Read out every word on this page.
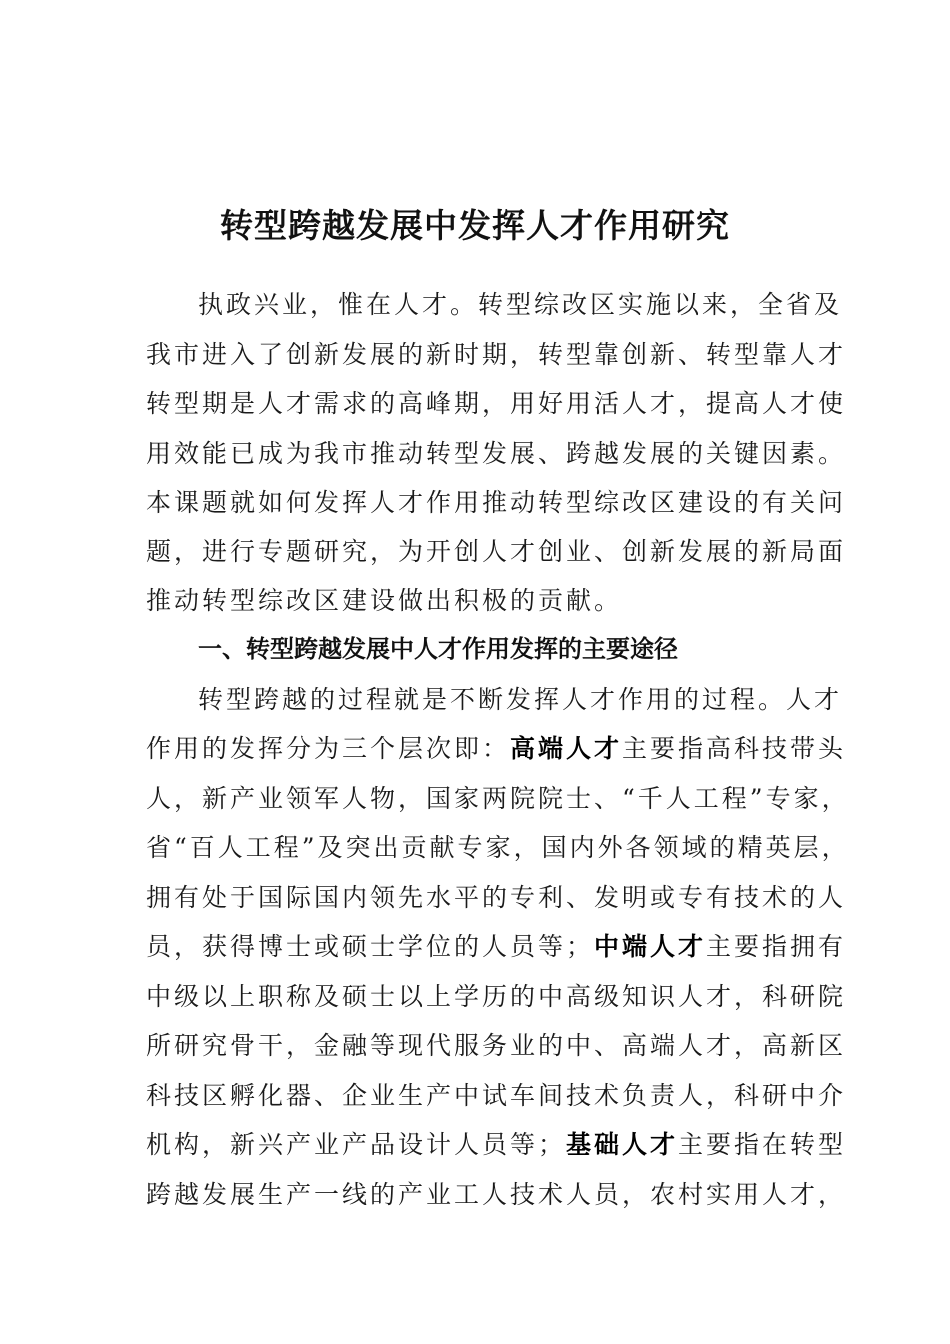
转型跨越发展中发挥人才作用研究
执政兴业，惟在人才。转型综改区实施以来，全省及
我市进入了创新发展的新时期，转型靠创新、转型靠人才
转型期是人才需求的高峰期，用好用活人才，提高人才使
用效能已成为我市推动转型发展、跨越发展的关键因素。
本课题就如何发挥人才作用推动转型综改区建设的有关问
题，进行专题研究，为开创人才创业、创新发展的新局面
推动转型综改区建设做出积极的贡献。
一、转型跨越发展中人才作用发挥的主要途径
转型跨越的过程就是不断发挥人才作用的过程。人才
作用的发挥分为三个层次即：高端人才主要指高科技带头
人，新产业领军人物，国家两院院士、“千人工程”专家，
省“百人工程”及突出贡献专家，国内外各领域的精英层，
拥有处于国际国内领先水平的专利、发明或专有技术的人
员，获得博士或硕士学位的人员等；中端人才主要指拥有
中级以上职称及硕士以上学历的中高级知识人才，科研院
所研究骨干，金融等现代服务业的中、高端人才，高新区
科技区孵化器、企业生产中试车间技术负责人，科研中介
机构，新兴产业产品设计人员等；基础人才主要指在转型
跨越发展生产一线的产业工人技术人员，农村实用人才，
